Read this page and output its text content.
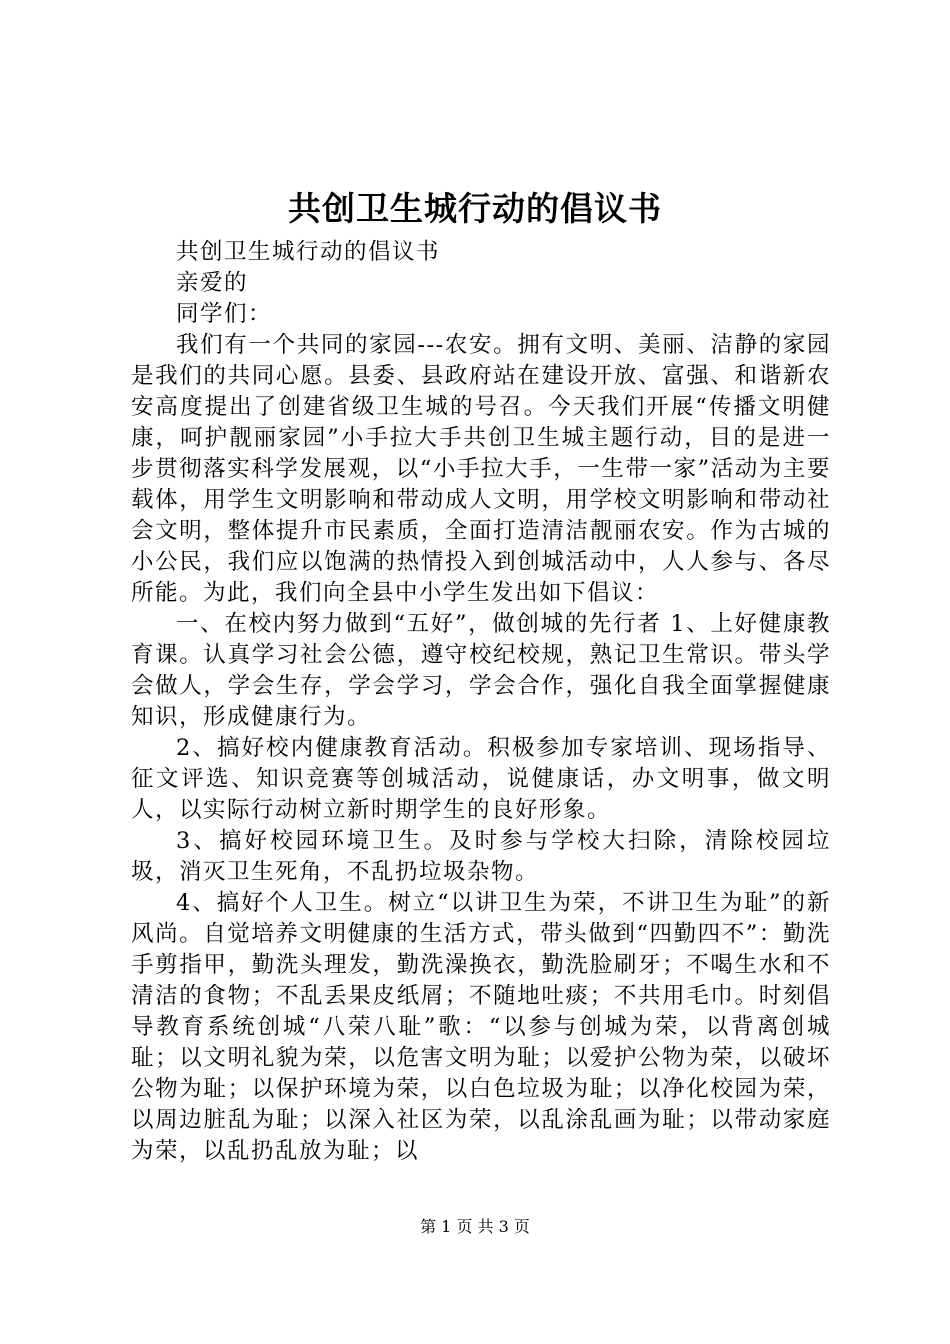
共创卫生城行动的倡议书

共创卫生城行动的倡议书

亲爱的

同学们：

我们有一个共同的家园---农安。拥有文明、美丽、洁静的家园是我们的共同心愿。县委、县政府站在建设开放、富强、和谐新农安高度提出了创建省级卫生城的号召。今天我们开展“传播文明健康，呵护靓丽家园”小手拉大手共创卫生城主题行动，目的是进一步贯彻落实科学发展观，以“小手拉大手，一生带一家”活动为主要载体，用学生文明影响和带动成人文明，用学校文明影响和带动社会文明，整体提升市民素质，全面打造清洁靓丽农安。作为古城的小公民，我们应以饱满的热情投入到创城活动中，人人参与、各尽所能。为此，我们向全县中小学生发出如下倡议：

一、在校内努力做到“五好”，做创城的先行者 1、上好健康教育课。认真学习社会公德，遵守校纪校规，熟记卫生常识。带头学会做人，学会生存，学会学习，学会合作，强化自我全面掌握健康知识，形成健康行为。

2、搞好校内健康教育活动。积极参加专家培训、现场指导、征文评选、知识竞赛等创城活动，说健康话，办文明事，做文明人，以实际行动树立新时期学生的良好形象。

3、搞好校园环境卫生。及时参与学校大扫除，清除校园垃圾，消灭卫生死角，不乱扔垃圾杂物。

4、搞好个人卫生。树立“以讲卫生为荣，不讲卫生为耻”的新风尚。自觉培养文明健康的生活方式，带头做到“四勤四不”：勤洗手剪指甲，勤洗头理发，勤洗澡换衣，勤洗脸刷牙；不喝生水和不清洁的食物；不乱丢果皮纸屑；不随地吐痰；不共用毛巾。时刻倡导教育系统创城“八荣八耻”歌：“以参与创城为荣，以背离创城耻；以文明礼貌为荣，以危害文明为耻；以爱护公物为荣，以破坏公物为耻；以保护环境为荣，以白色垃圾为耻；以净化校园为荣，以周边脏乱为耻；以深入社区为荣，以乱涂乱画为耻；以带动家庭为荣，以乱扔乱放为耻；以

第 1 页 共 3 页
